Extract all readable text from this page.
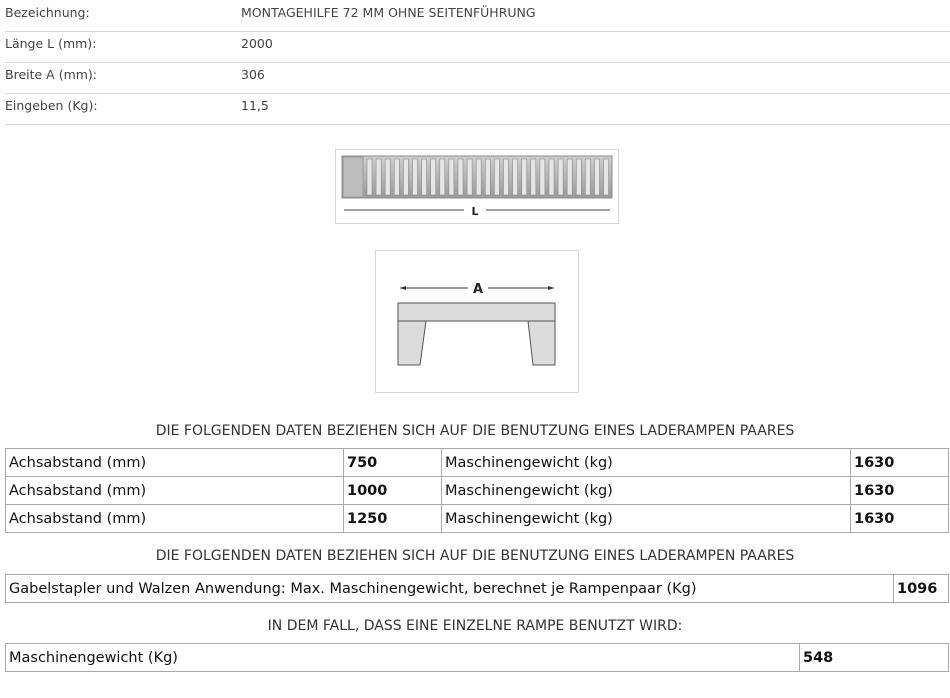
Bezeichnung:	MONTAGEHILFE 72 MM OHNE SEITENFÜHRUNG
Länge L (mm):	2000
Breite A (mm):	306
Eingeben (Kg):	11,5
L
A
DIE FOLGENDEN DATEN BEZIEHEN SICH AUF DIE BENUTZUNG EINES LADERAMPEN PAARES
Achsabstand (mm)	750	Maschinengewicht (kg)	1630
Achsabstand (mm)	1000	Maschinengewicht (kg)	1630
Achsabstand (mm)	1250	Maschinengewicht (kg)	1630
DIE FOLGENDEN DATEN BEZIEHEN SICH AUF DIE BENUTZUNG EINES LADERAMPEN PAARES
Gabelstapler und Walzen Anwendung: Max. Maschinengewicht, berechnet je Rampenpaar (Kg)	1096
IN DEM FALL, DASS EINE EINZELNE RAMPE BENUTZT WIRD:
Maschinengewicht (Kg)	548
